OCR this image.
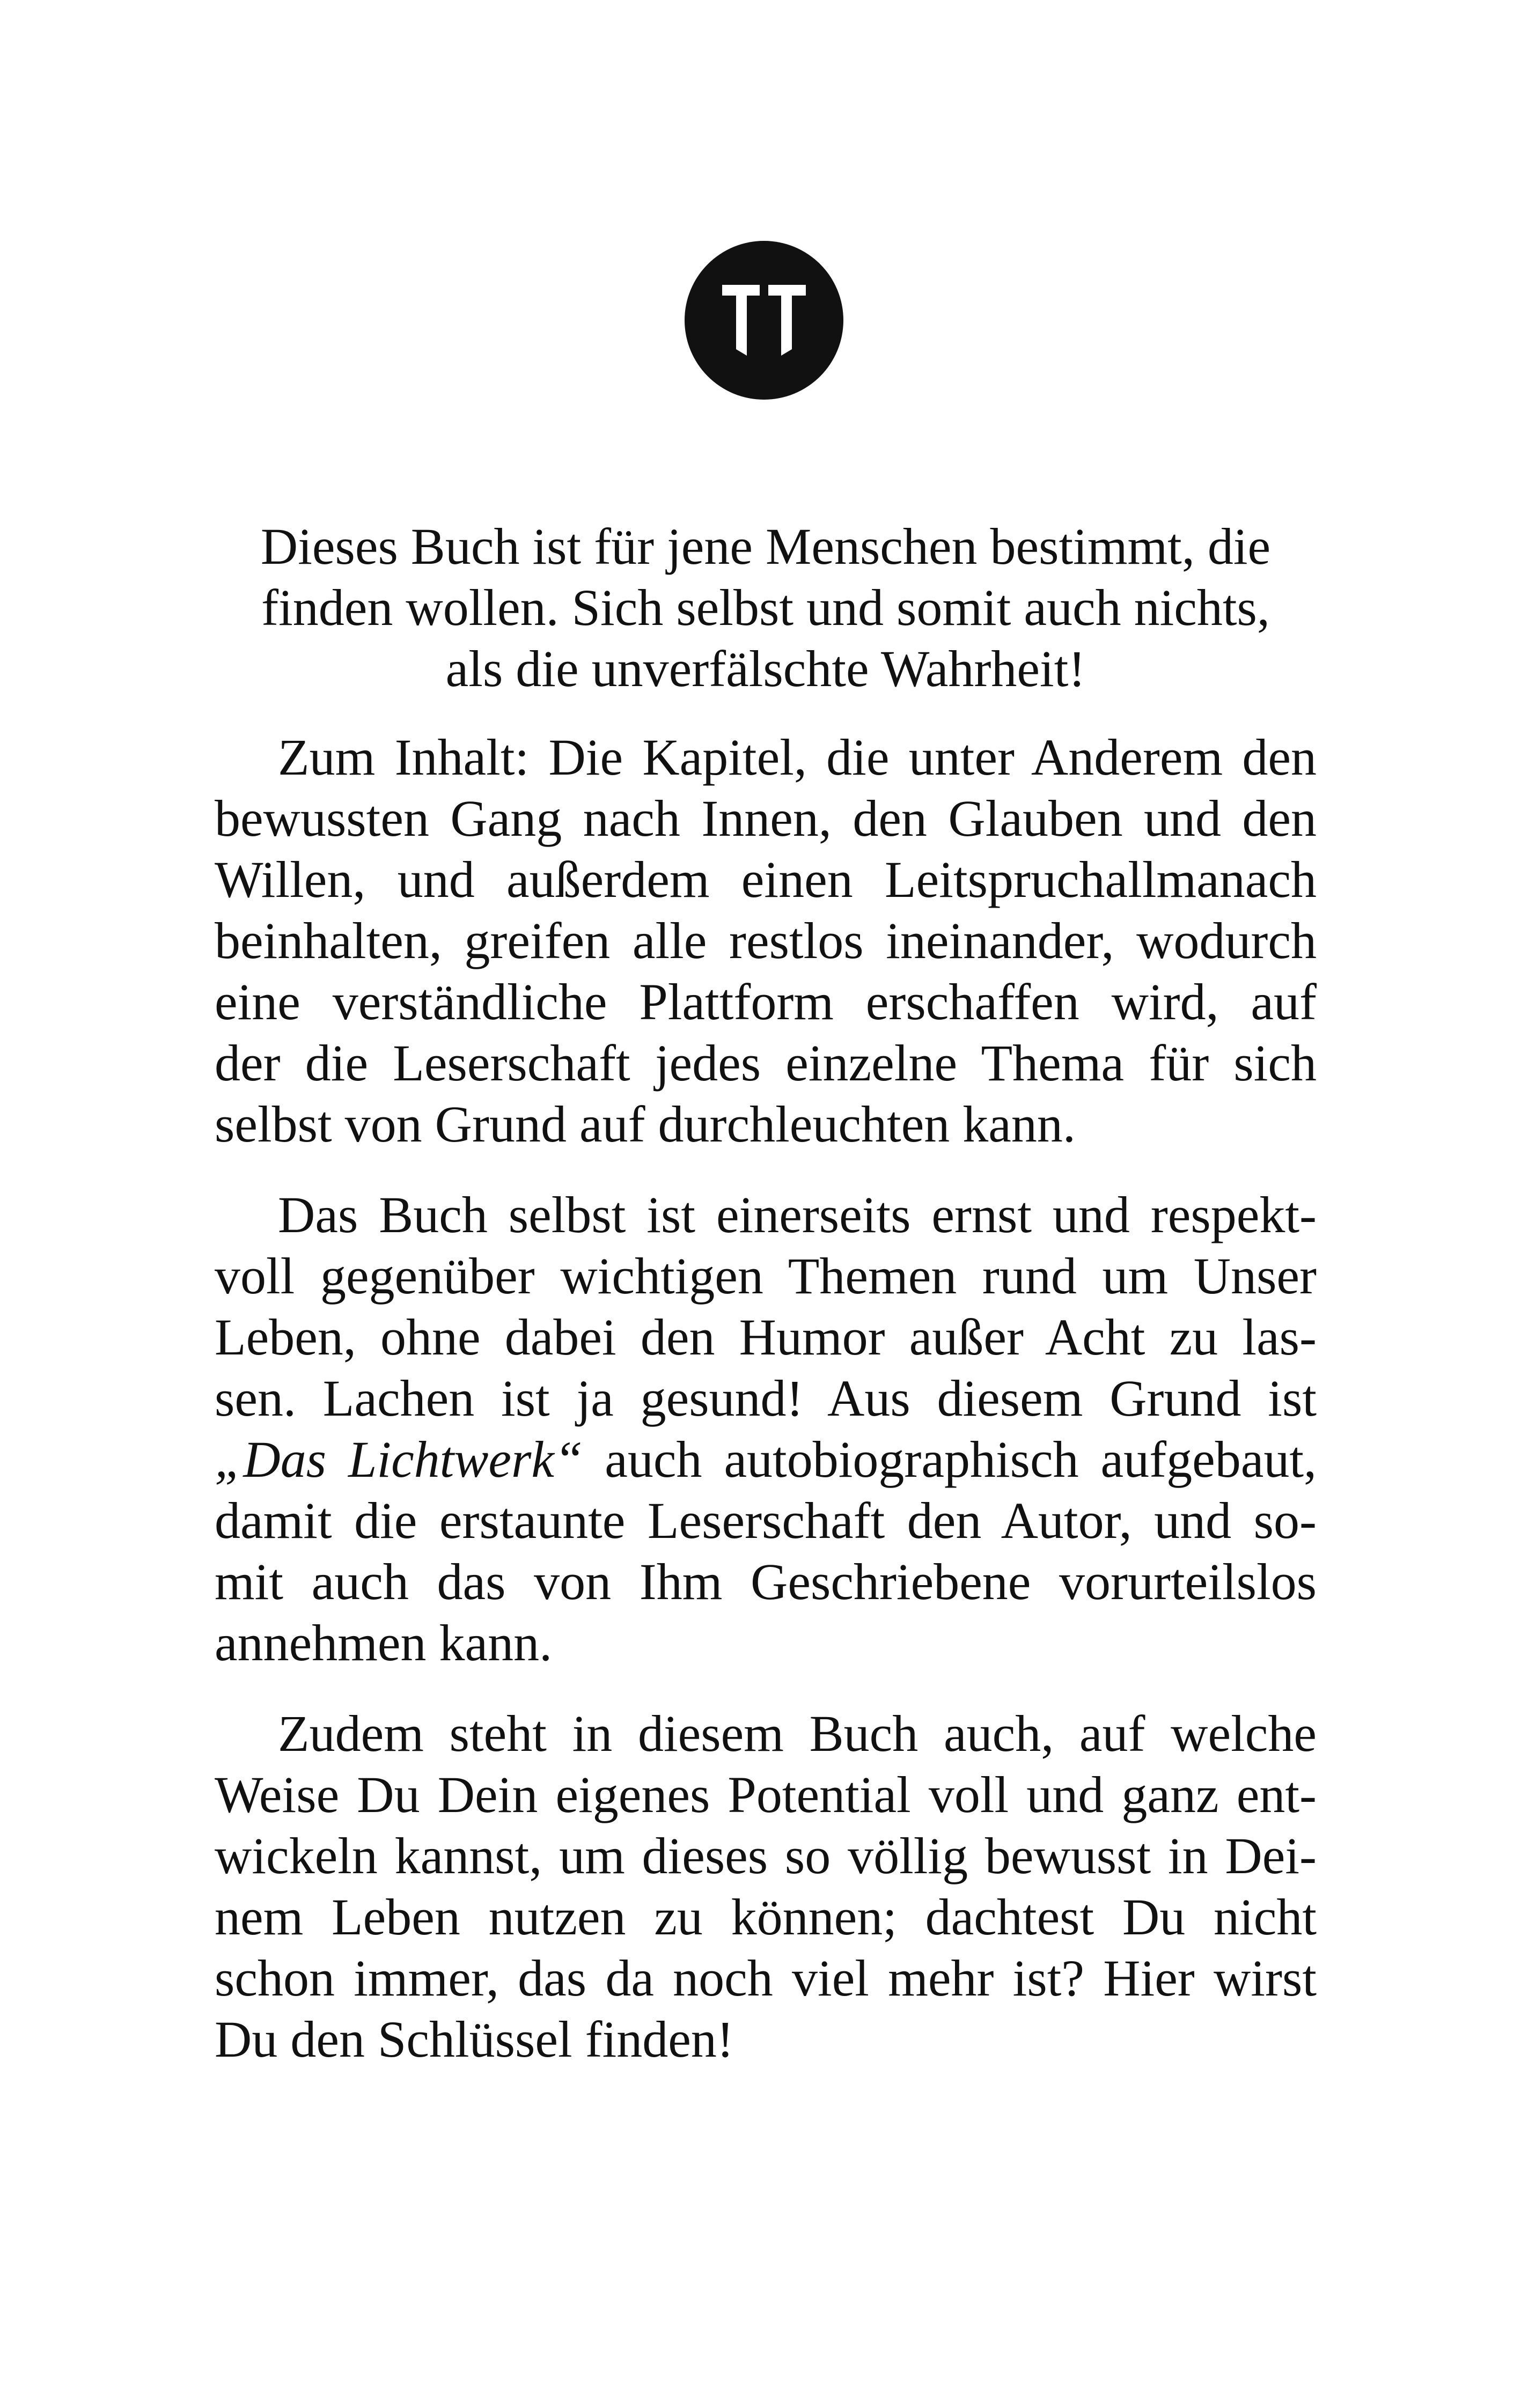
Dieses Buch ist für jene Menschen bestimmt, die
finden wollen. Sich selbst und somit auch nichts,
als die unverfälschte Wahrheit!
Zum Inhalt: Die Kapitel, die unter Anderem den
bewussten Gang nach Innen, den Glauben und den
Willen, und außerdem einen Leitspruchallmanach
beinhalten, greifen alle restlos ineinander, wodurch
eine verständliche Plattform erschaffen wird, auf
der die Leserschaft jedes einzelne Thema für sich
selbst von Grund auf durchleuchten kann.
Das Buch selbst ist einerseits ernst und respekt-
voll gegenüber wichtigen Themen rund um Unser
Leben, ohne dabei den Humor außer Acht zu las-
sen. Lachen ist ja gesund! Aus diesem Grund ist
„Das Lichtwerk“ auch autobiographisch aufgebaut,
damit die erstaunte Leserschaft den Autor, und so-
mit auch das von Ihm Geschriebene vorurteilslos
annehmen kann.
Zudem steht in diesem Buch auch, auf welche
Weise Du Dein eigenes Potential voll und ganz ent-
wickeln kannst, um dieses so völlig bewusst in Dei-
nem Leben nutzen zu können; dachtest Du nicht
schon immer, das da noch viel mehr ist? Hier wirst
Du den Schlüssel finden!
